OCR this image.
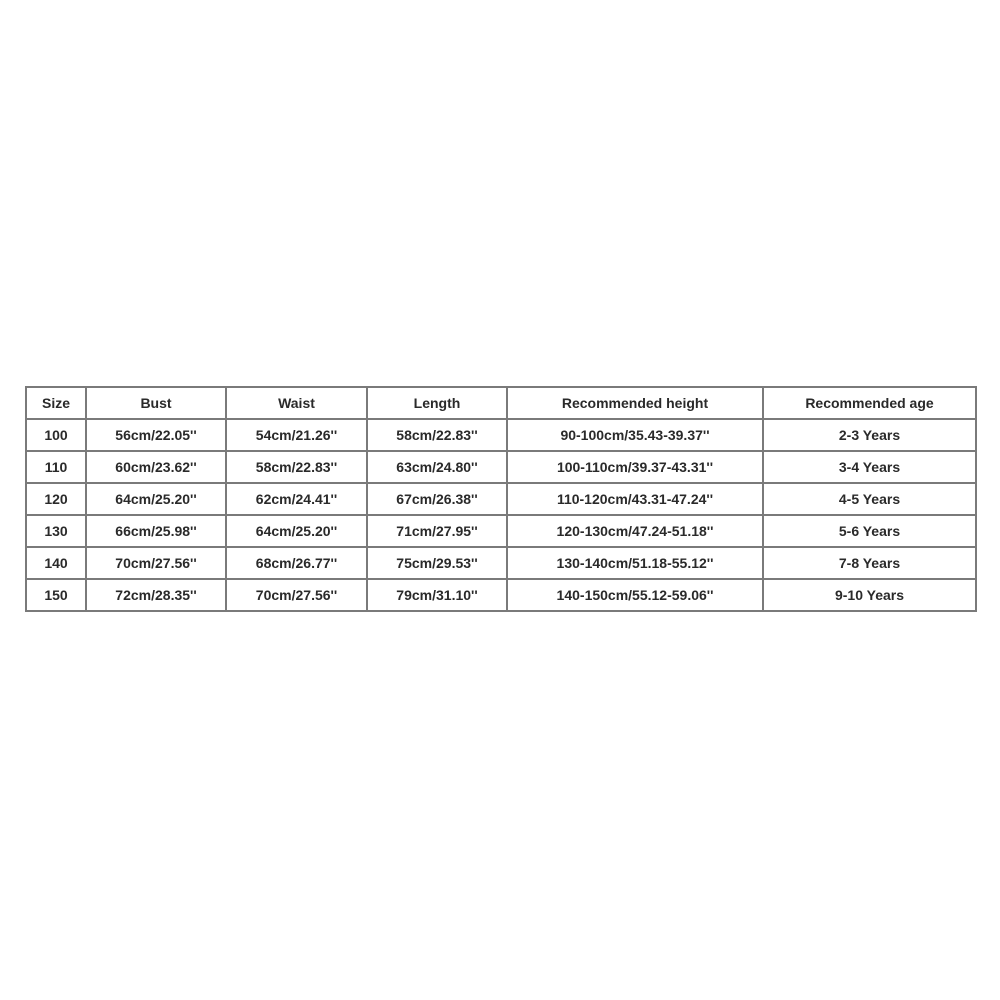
Size	Bust	Waist	Length	Recommended height	Recommended age
100	56cm/22.05''	54cm/21.26''	58cm/22.83''	90-100cm/35.43-39.37''	2-3 Years
110	60cm/23.62''	58cm/22.83''	63cm/24.80''	100-110cm/39.37-43.31''	3-4 Years
120	64cm/25.20''	62cm/24.41''	67cm/26.38''	110-120cm/43.31-47.24''	4-5 Years
130	66cm/25.98''	64cm/25.20''	71cm/27.95''	120-130cm/47.24-51.18''	5-6 Years
140	70cm/27.56''	68cm/26.77''	75cm/29.53''	130-140cm/51.18-55.12''	7-8 Years
150	72cm/28.35''	70cm/27.56''	79cm/31.10''	140-150cm/55.12-59.06''	9-10 Years
